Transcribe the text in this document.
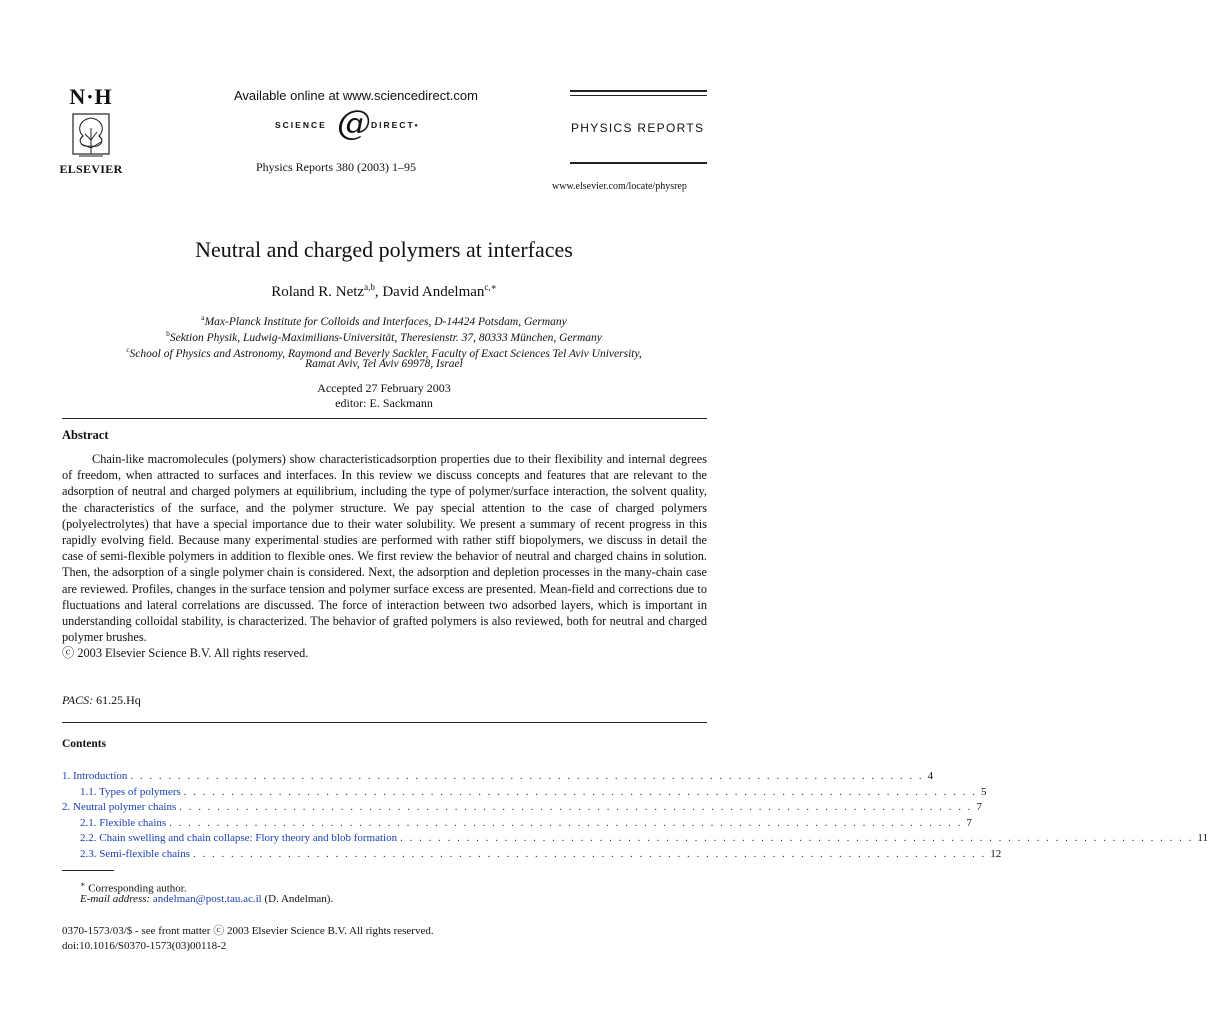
N·H
ELSEVIER
Available online at www.sciencedirect.com
SCIENCE @ DIRECT•
Physics Reports 380 (2003) 1–95
PHYSICS REPORTS
www.elsevier.com/locate/physrep
Neutral and charged polymers at interfaces
Roland R. Netz$^{a,b}$, David Andelman$^{c,∗}$
$^a$Max-Planck Institute for Colloids and Interfaces, D-14424 Potsdam, Germany
$^b$Sektion Physik, Ludwig-Maximilians-Universität, Theresienstr. 37, 80333 München, Germany
$^c$School of Physics and Astronomy, Raymond and Beverly Sackler, Faculty of Exact Sciences Tel Aviv University,
Ramat Aviv, Tel Aviv 69978, Israel
Accepted 27 February 2003
editor: E. Sackmann
Abstract

Chain-like macromolecules (polymers) show characteristicadsorption properties due to their flexibility and internal degrees of freedom, when attracted to surfaces and interfaces. In this review we discuss concepts and features that are relevant to the adsorption of neutral and charged polymers at equilibrium, including the type of polymer/surface interaction, the solvent quality, the characteristics of the surface, and the polymer structure. We pay special attention to the case of charged polymers (polyelectrolytes) that have a special importance due to their water solubility. We present a summary of recent progress in this rapidly evolving field. Because many experimental studies are performed with rather stiff biopolymers, we discuss in detail the case of semi-flexible polymers in addition to flexible ones. We first review the behavior of neutral and charged chains in solution. Then, the adsorption of a single polymer chain is considered. Next, the adsorption and depletion processes in the many-chain case are reviewed. Profiles, changes in the surface tension and polymer surface excess are presented. Mean-field and corrections due to fluctuations and lateral correlations are discussed. The force of interaction between two adsorbed layers, which is important in understanding colloidal stability, is characterized. The behavior of grafted polymers is also reviewed, both for neutral and charged polymer brushes.
ⓒ 2003 Elsevier Science B.V. All rights reserved.

PACS: 61.25.Hq
Contents
1. Introduction . . . . . . . . . . . . . . . . . . . . . . . . . . . . . . . . . . . . . . . . . . . . . . . . . . . . . . . . . . . . . . . . . . . . . . . . . . . . . . . . . . . . 4
1.1. Types of polymers . . . . . . . . . . . . . . . . . . . . . . . . . . . . . . . . . . . . . . . . . . . . . . . . . . . . . . . . . . . . . . . . . . . . . . . . . . . . . . . . . . . . 5
2. Neutral polymer chains . . . . . . . . . . . . . . . . . . . . . . . . . . . . . . . . . . . . . . . . . . . . . . . . . . . . . . . . . . . . . . . . . . . . . . . . . . . . . . . . . . . . 7
2.1. Flexible chains . . . . . . . . . . . . . . . . . . . . . . . . . . . . . . . . . . . . . . . . . . . . . . . . . . . . . . . . . . . . . . . . . . . . . . . . . . . . . . . . . . . . 7
2.2. Chain swelling and chain collapse: Flory theory and blob formation . . . . . . . . . . . . . . . . . . . . . . . . . . . . . . . . . . . . . . . . . . . . . . . . . . . . . . . . . . . . . . . . . . . . . . . . . . . . . . . . . . . . 11
2.3. Semi-flexible chains . . . . . . . . . . . . . . . . . . . . . . . . . . . . . . . . . . . . . . . . . . . . . . . . . . . . . . . . . . . . . . . . . . . . . . . . . . . . . . . . . . . . 12
∗ Corresponding author.
E-mail address: andelman@post.tau.ac.il (D. Andelman).
0370-1573/03/$ - see front matter ⓒ 2003 Elsevier Science B.V. All rights reserved.
doi:10.1016/S0370-1573(03)00118-2
